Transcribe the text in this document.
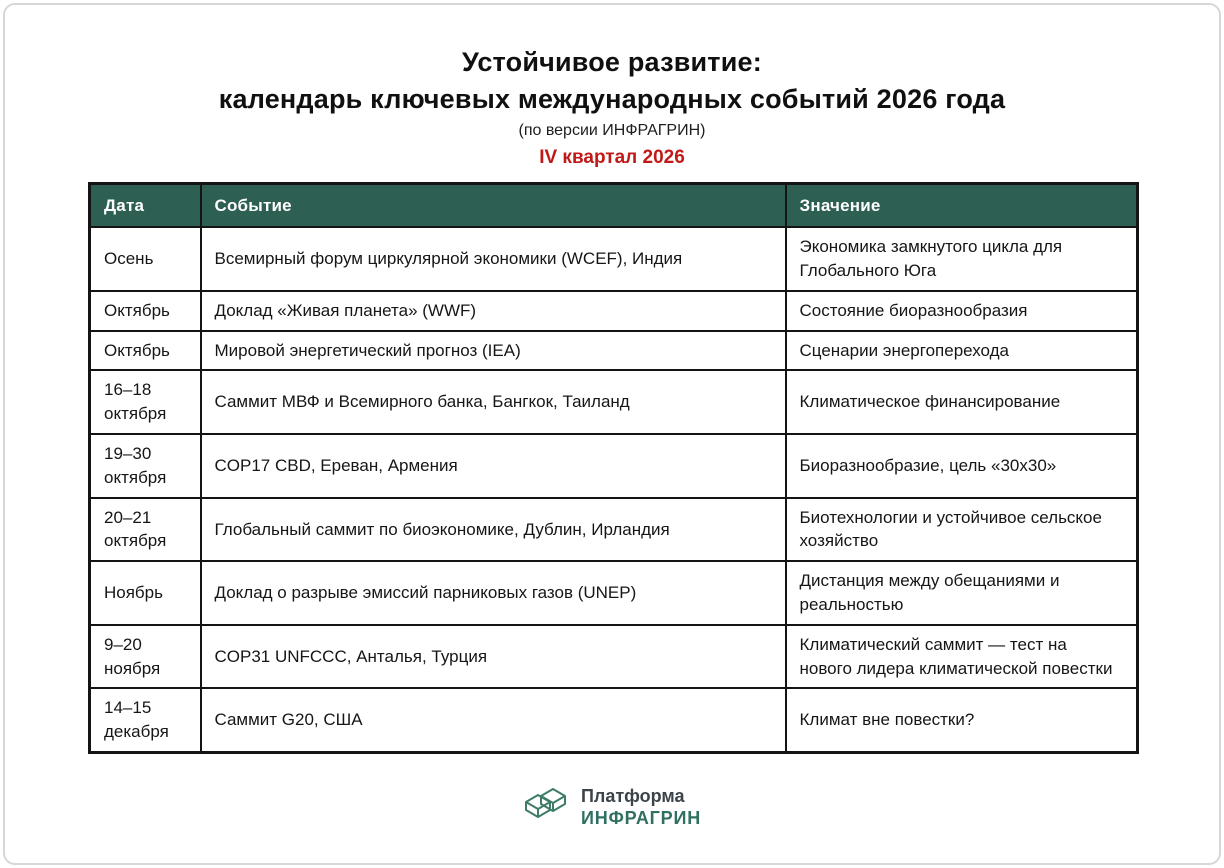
Устойчивое развитие:
календарь ключевых международных событий 2026 года
(по версии ИНФРАГРИН)
IV квартал 2026
Дата	Событие	Значение
Осень	Всемирный форум циркулярной экономики (WCEF), Индия	Экономика замкнутого цикла для Глобального Юга
Октябрь	Доклад «Живая планета» (WWF)	Состояние биоразнообразия
Октябрь	Мировой энергетический прогноз (IEA)	Сценарии энергоперехода
16–18 октября	Саммит МВФ и Всемирного банка, Бангкок, Таиланд	Климатическое финансирование
19–30 октября	COP17 CBD, Ереван, Армения	Биоразнообразие, цель «30х30»
20–21 октября	Глобальный саммит по биоэкономике, Дублин, Ирландия	Биотехнологии и устойчивое сельское хозяйство
Ноябрь	Доклад о разрыве эмиссий парниковых газов (UNEP)	Дистанция между обещаниями и реальностью
9–20 ноября	COP31 UNFCCC, Анталья, Турция	Климатический саммит — тест на нового лидера климатической повестки
14–15 декабря	Саммит G20, США	Климат вне повестки?
Платформа
ИНФРАГРИН
